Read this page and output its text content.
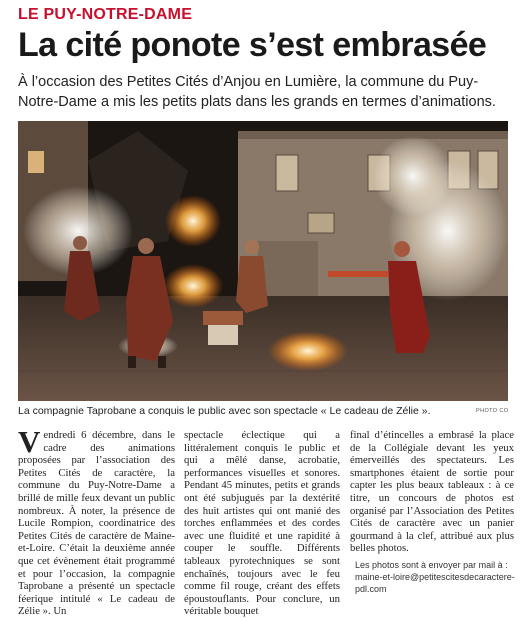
LE PUY-NOTRE-DAME
La cité ponote s’est embrasée
À l’occasion des Petites Cités d’Anjou en Lumière, la commune du Puy-Notre-Dame a mis les petits plats dans les grands en termes d’animations.
La compagnie Taprobane a conquis le public avec son spectacle « Le cadeau de Zélie ».	PHOTO CO
V endredi 6 décembre, dans le cadre des animations proposées par l’association des Petites Cités de caractère, la commune du Puy-Notre-Dame a brillé de mille feux devant un public nombreux. À noter, la présence de Lucile Rompion, coordinatrice des Petites Cités de caractère de Maine-et-Loire. C’était la deuxième année que cet évènement était programmé et pour l’occasion, la compagnie Taprobane a présenté un spectacle féerique intitulé « Le cadeau de Zélie ». Un

spectacle éclectique qui a littéralement conquis le public et qui a mêlé danse, acrobatie, performances visuelles et sonores. Pendant 45 minutes, petits et grands ont été subjugués par la dextérité des huit artistes qui ont manié des torches enflammées et des cordes avec une fluidité et une rapidité à couper le souffle. Différents tableaux pyrotechniques se sont enchaînés, toujours avec le feu comme fil rouge, créant des effets époustouflants. Pour conclure, un véritable bouquet

final d’étincelles a embrasé la place de la Collégiale devant les yeux émerveillés des spectateurs. Les smartphones étaient de sortie pour capter les plus beaux tableaux : à ce titre, un concours de photos est organisé par l’Association des Petites Cités de caractère avec un panier gourmand à la clef, attribué aux plus belles photos.

Les photos sont à envoyer par mail à : maine-et-loire@petitescitesdecaractere-pdl.com
